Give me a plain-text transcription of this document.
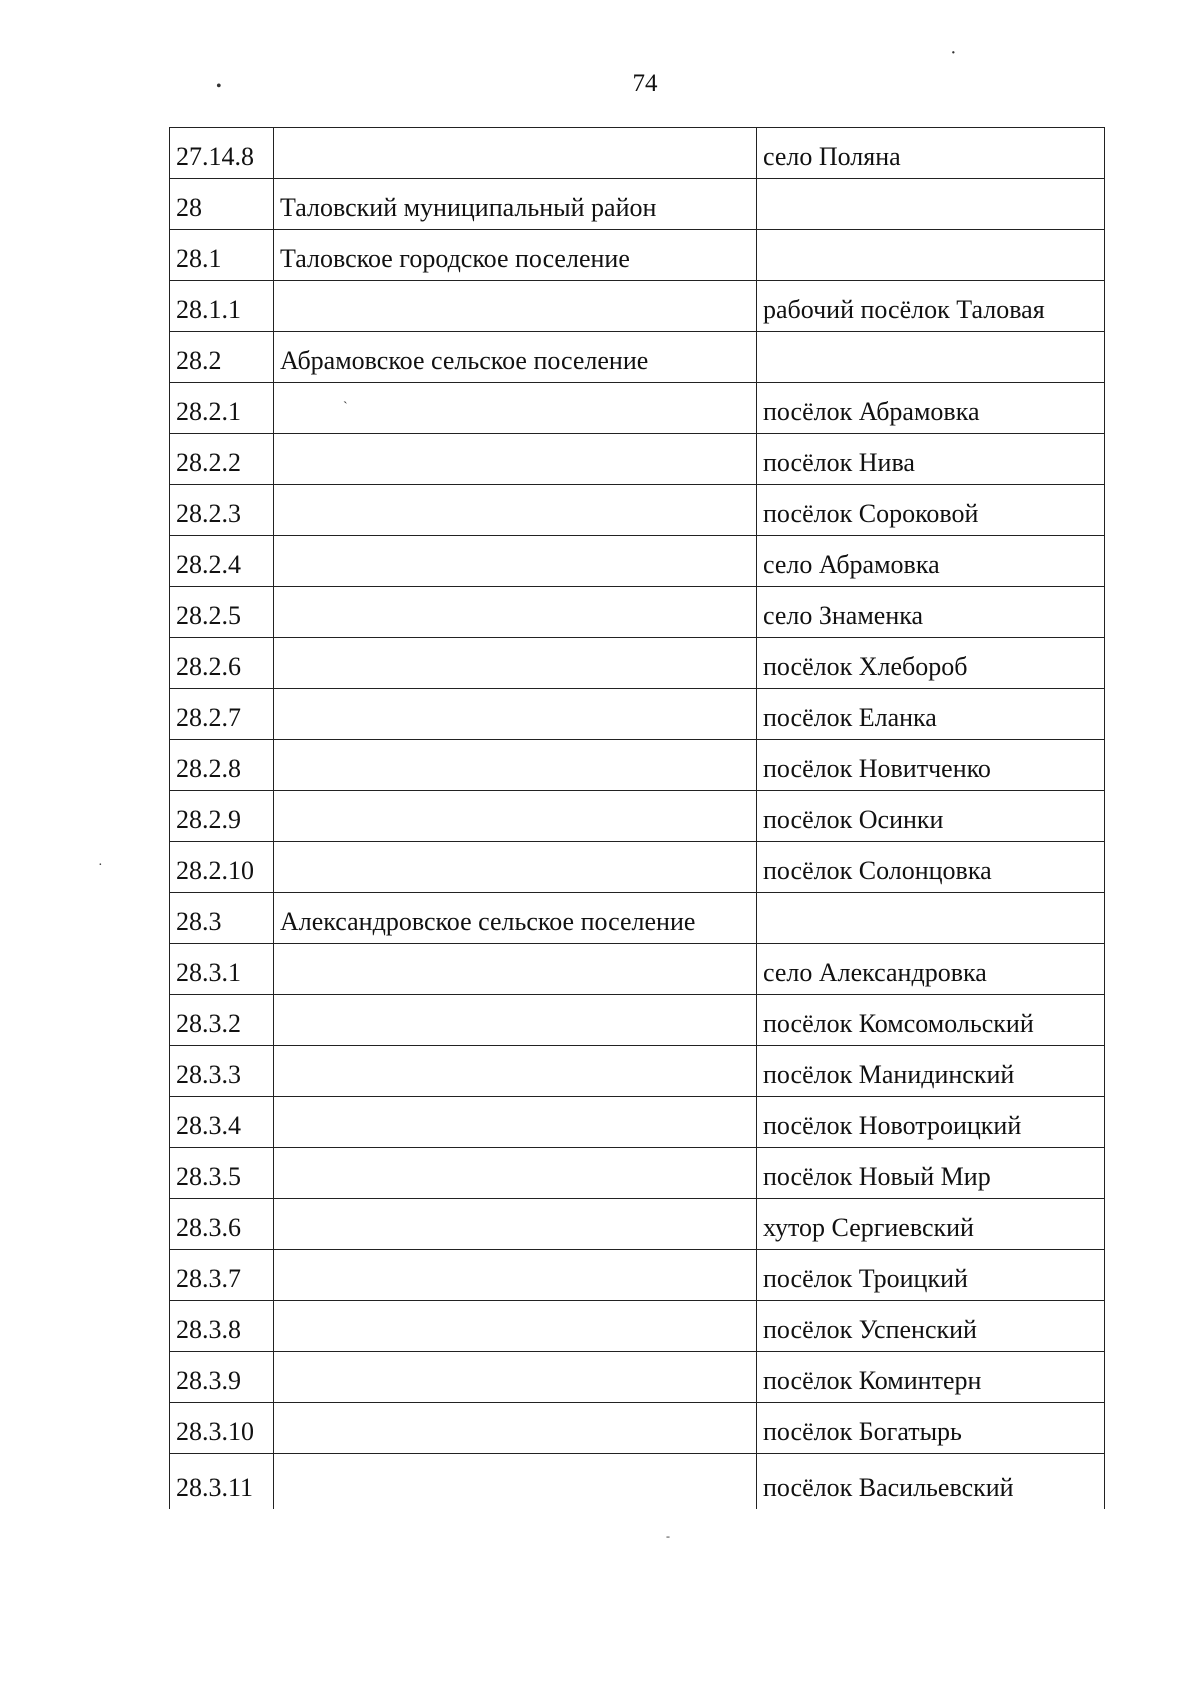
•
·
ˋ
·
-
74
27.14.8		село Поляна
28	Таловский муниципальный район	
28.1	Таловское городское поселение	
28.1.1		рабочий посёлок Таловая
28.2	Абрамовское сельское поселение	
28.2.1		посёлок Абрамовка
28.2.2		посёлок Нива
28.2.3		посёлок Сороковой
28.2.4		село Абрамовка
28.2.5		село Знаменка
28.2.6		посёлок Хлебороб
28.2.7		посёлок Еланка
28.2.8		посёлок Новитченко
28.2.9		посёлок Осинки
28.2.10		посёлок Солонцовка
28.3	Александровское сельское поселение	
28.3.1		село Александровка
28.3.2		посёлок Комсомольский
28.3.3		посёлок Манидинский
28.3.4		посёлок Новотроицкий
28.3.5		посёлок Новый Мир
28.3.6		хутор Сергиевский
28.3.7		посёлок Троицкий
28.3.8		посёлок Успенский
28.3.9		посёлок Коминтерн
28.3.10		посёлок Богатырь
28.3.11		посёлок Васильевский
